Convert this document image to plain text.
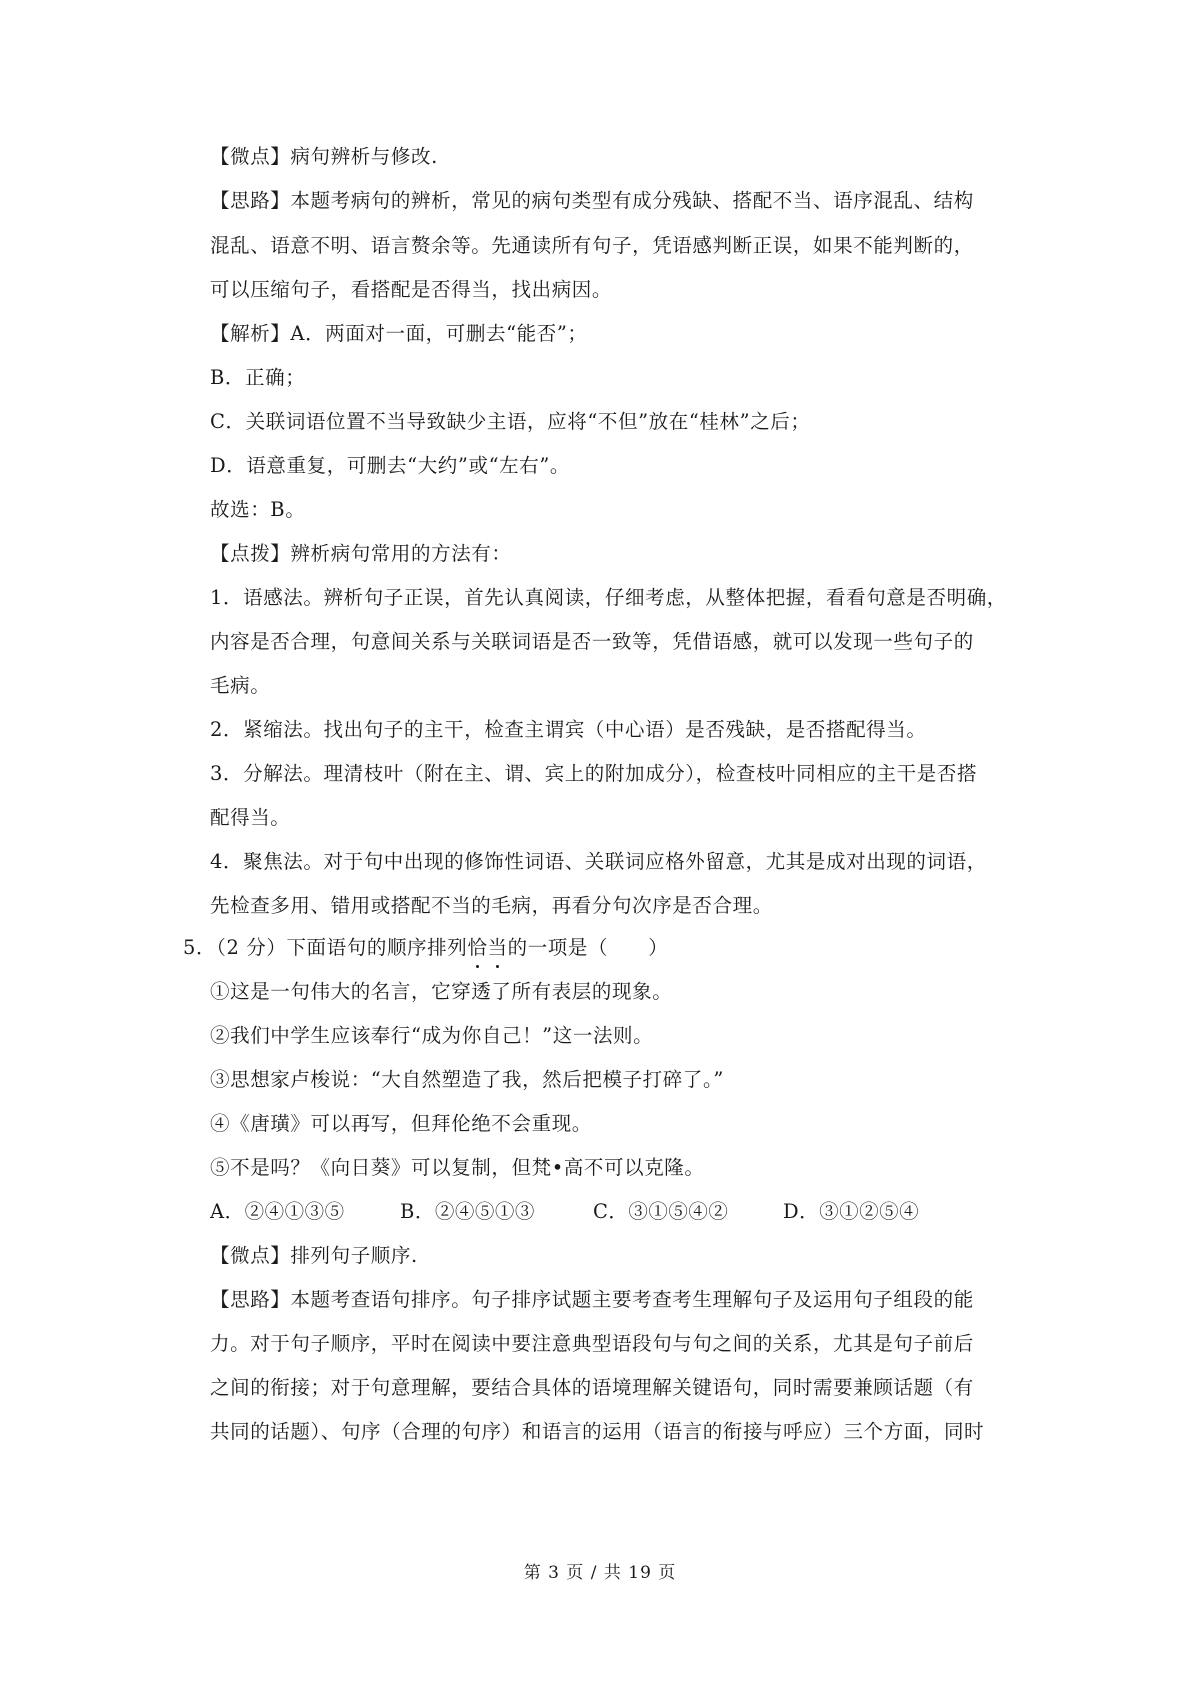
【微点】病句辨析与修改.
【思路】本题考病句的辨析，常见的病句类型有成分残缺、搭配不当、语序混乱、结构
混乱、语意不明、语言赘余等。先通读所有句子，凭语感判断正误，如果不能判断的，
可以压缩句子，看搭配是否得当，找出病因。
【解析】A．两面对一面，可删去“能否”；
B．正确；
C．关联词语位置不当导致缺少主语，应将“不但”放在“桂林”之后；
D．语意重复，可删去“大约”或“左右”。
故选：B。
【点拨】辨析病句常用的方法有：
1．语感法。辨析句子正误，首先认真阅读，仔细考虑，从整体把握，看看句意是否明确，
内容是否合理，句意间关系与关联词语是否一致等，凭借语感，就可以发现一些句子的
毛病。
2．紧缩法。找出句子的主干，检查主谓宾（中心语）是否残缺，是否搭配得当。
3．分解法。理清枝叶（附在主、谓、宾上的附加成分），检查枝叶同相应的主干是否搭
配得当。
4．聚焦法。对于句中出现的修饰性词语、关联词应格外留意，尤其是成对出现的词语，
先检查多用、错用或搭配不当的毛病，再看分句次序是否合理。
5．（2 分）下面语句的顺序排列恰当的一项是（　　）
①这是一句伟大的名言，它穿透了所有表层的现象。
②我们中学生应该奉行“成为你自己！”这一法则。
③思想家卢梭说：“大自然塑造了我，然后把模子打碎了。”
④《唐璜》可以再写，但拜伦绝不会重现。
⑤不是吗？《向日葵》可以复制，但梵•高不可以克隆。
A．②④①③⑤	B．②④⑤①③	C．③①⑤④②	D．③①②⑤④
【微点】排列句子顺序.
【思路】本题考查语句排序。句子排序试题主要考查考生理解句子及运用句子组段的能
力。对于句子顺序，平时在阅读中要注意典型语段句与句之间的关系，尤其是句子前后
之间的衔接；对于句意理解，要结合具体的语境理解关键语句，同时需要兼顾话题（有
共同的话题）、句序（合理的句序）和语言的运用（语言的衔接与呼应）三个方面，同时
第 3 页 / 共 19 页
